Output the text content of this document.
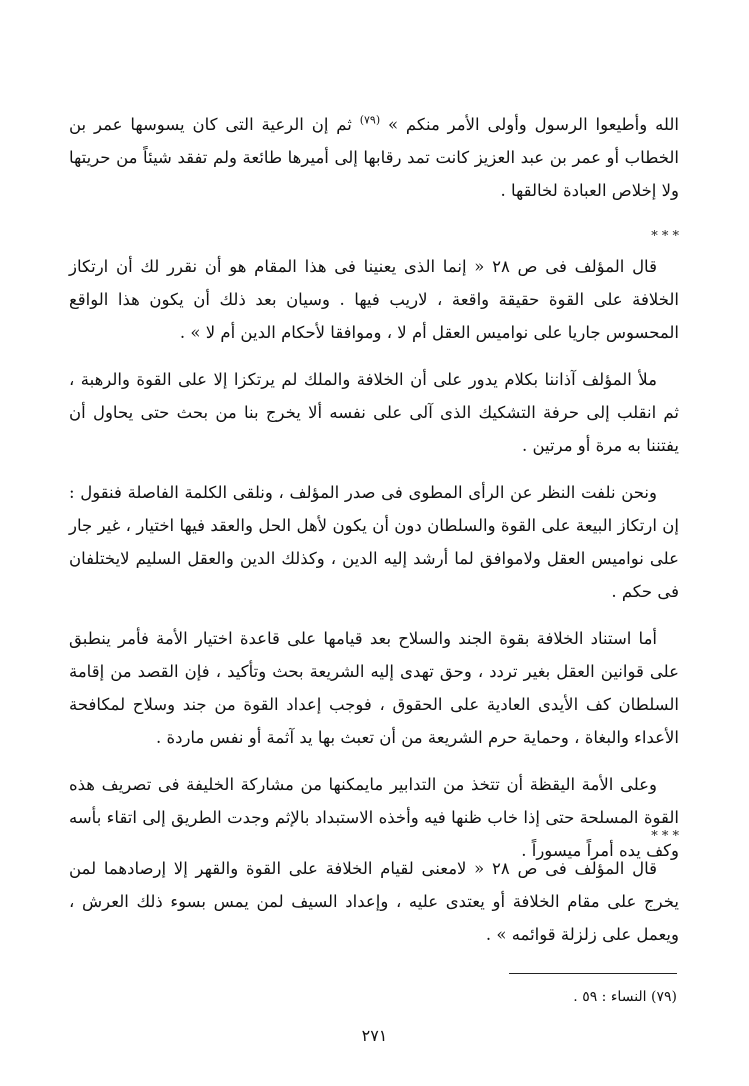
الله وأطيعوا الرسول وأولى الأمر منكم » $^{(٧٩)}$ ثم إن الرعية التى كان يسوسها عمر بن الخطاب أو عمر بن عبد العزيز كانت تمد رقابها إلى أميرها طائعة ولم تفقد شيئاً من حريتها ولا إخلاص العبادة لخالقها .

* * *

قال المؤلف فى ص ٢٨ « إنما الذى يعنينا فى هذا المقام هو أن نقرر لك أن ارتكاز الخلافة على القوة حقيقة واقعة ، لاريب فيها . وسيان بعد ذلك أن يكون هذا الواقع المحسوس جاريا على نواميس العقل أم لا ، وموافقا لأحكام الدين أم لا » .

ملأ المؤلف آذاننا بكلام يدور على أن الخلافة والملك لم يرتكزا إلا على القوة والرهبة ، ثم انقلب إلى حرفة التشكيك الذى آلى على نفسه ألا يخرج بنا من بحث حتى يحاول أن يفتننا به مرة أو مرتين .

ونحن نلفت النظر عن الرأى المطوى فى صدر المؤلف ، ونلقى الكلمة الفاصلة فنقول : إن ارتكاز البيعة على القوة والسلطان دون أن يكون لأهل الحل والعقد فيها اختيار ، غير جار على نواميس العقل ولاموافق لما أرشد إليه الدين ، وكذلك الدين والعقل السليم لايختلفان فى حكم .

أما استناد الخلافة بقوة الجند والسلاح بعد قيامها على قاعدة اختيار الأمة فأمر ينطبق على قوانين العقل بغير تردد ، وحق تهدى إليه الشريعة بحث وتأكيد ، فإن القصد من إقامة السلطان كف الأيدى العادية على الحقوق ، فوجب إعداد القوة من جند وسلاح لمكافحة الأعداء والبغاة ، وحماية حرم الشريعة من أن تعبث بها يد آثمة أو نفس ماردة .

وعلى الأمة اليقظة أن تتخذ من التدابير مايمكنها من مشاركة الخليفة فى تصريف هذه القوة المسلحة حتى إذا خاب ظنها فيه وأخذه الاستبداد بالإثم وجدت الطريق إلى اتقاء بأسه وكف يده أمراً ميسوراً .

* * *

قال المؤلف فى ص ٢٨ « لامعنى لقيام الخلافة على القوة والقهر إلا إرصادهما لمن يخرج على مقام الخلافة أو يعتدى عليه ، وإعداد السيف لمن يمس بسوء ذلك العرش ، ويعمل على زلزلة قوائمه » .

(٧٩) النساء : ٥٩ .
٢٧١
